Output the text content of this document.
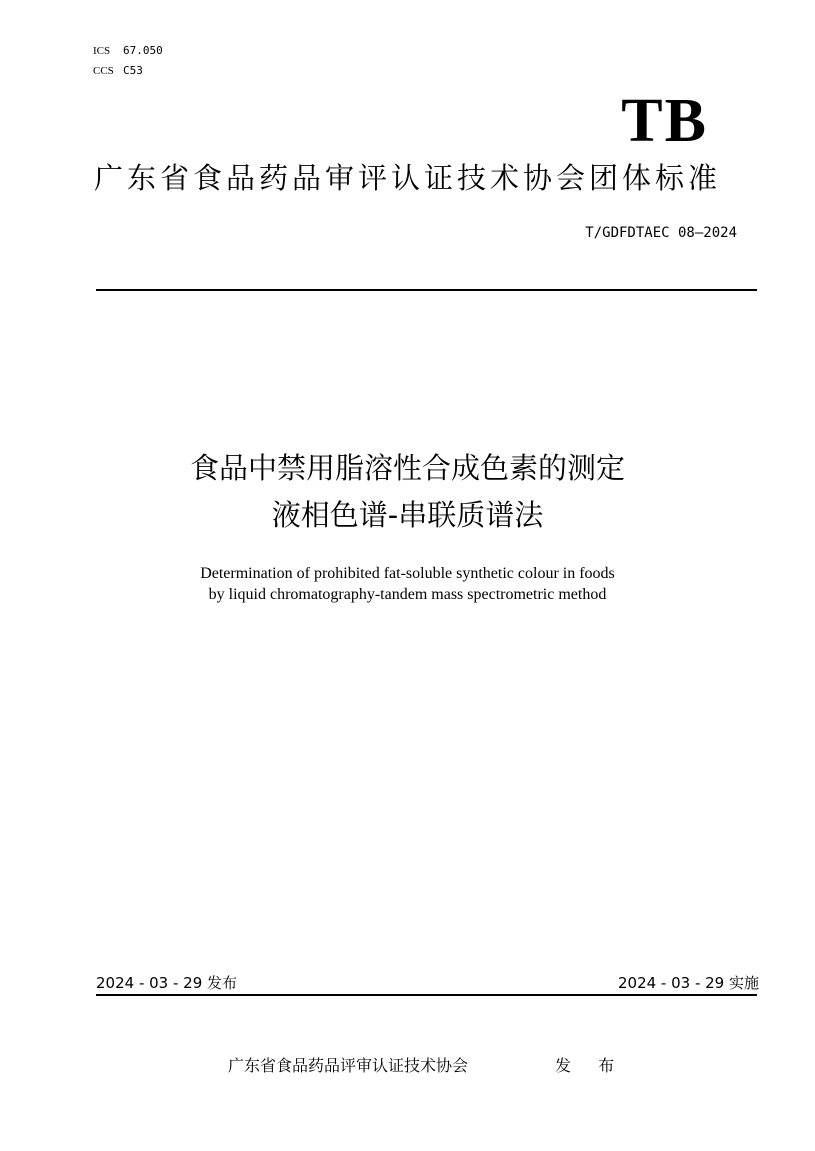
ICS 67.050
CCS C53
TB
广东省食品药品审评认证技术协会团体标准
T/GDFDTAEC 08—2024
食品中禁用脂溶性合成色素的测定
液相色谱-串联质谱法
Determination of prohibited fat-soluble synthetic colour in foods
by liquid chromatography-tandem mass spectrometric method
2024 - 03 - 29 发布	2024 - 03 - 29 实施
广东省食品药品评审认证技术协会	发 布
